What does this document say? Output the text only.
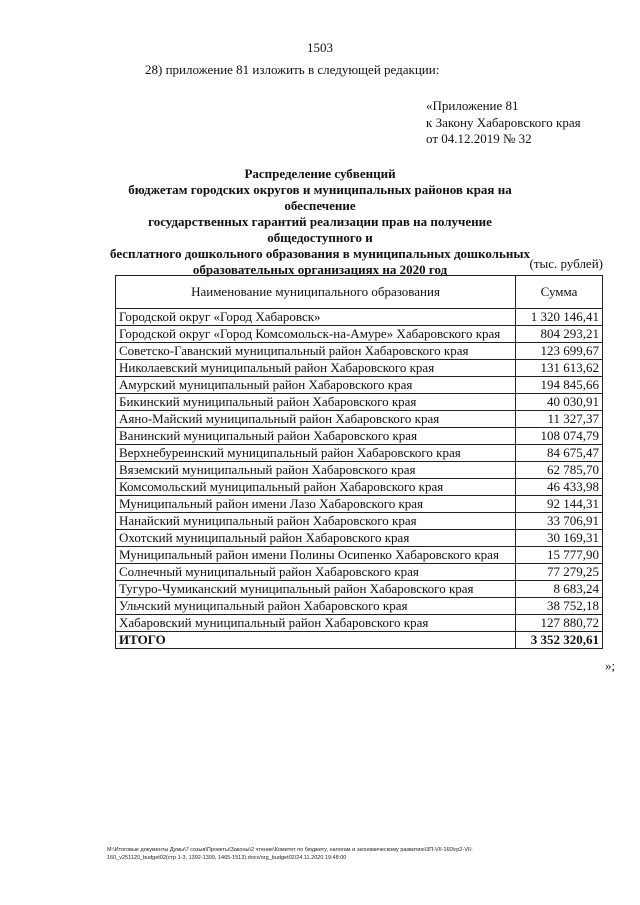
1503
28) приложение 81 изложить в следующей редакции:
«Приложение 81
к Закону Хабаровского края
от 04.12.2019 № 32
Распределение субвенций
бюджетам городских округов и муниципальных районов края на обеспечение
государственных гарантий реализации прав на получение общедоступного и
бесплатного дошкольного образования в муниципальных дошкольных
образовательных организациях на 2020 год	(тыс. рублей)
Наименование муниципального образования	Сумма
Городской округ «Город Хабаровск»	1 320 146,41
Городской округ «Город Комсомольск-на-Амуре» Хабаровского края	804 293,21
Советско-Гаванский муниципальный район Хабаровского края	123 699,67
Николаевский муниципальный район Хабаровского края	131 613,62
Амурский муниципальный район Хабаровского края	194 845,66
Бикинский муниципальный район Хабаровского края	40 030,91
Аяно-Майский муниципальный район Хабаровского края	11 327,37
Ванинский муниципальный район Хабаровского края	108 074,79
Верхнебуреинский муниципальный район Хабаровского края	84 675,47
Вяземский муниципальный район Хабаровского края	62 785,70
Комсомольский муниципальный район Хабаровского края	46 433,98
Муниципальный район имени Лазо Хабаровского края	92 144,31
Нанайский муниципальный район Хабаровского края	33 706,91
Охотский муниципальный район Хабаровского края	30 169,31
Муниципальный район имени Полины Осипенко Хабаровского края	15 777,90
Солнечный муниципальный район Хабаровского края	77 279,25
Тугуро-Чумиканский муниципальный район Хабаровского края	8 683,24
Ульчский муниципальный район Хабаровского края	38 752,18
Хабаровский муниципальный район Хабаровского края	127 880,72
ИТОГО	3 352 320,61
»;
M:\Итоговые документы Думы\7 созыв\Проекты\Законы\2 чтение\Комитет по бюджету, налогам и экономическому развитию\3П-VII-160\гр2-VII-
160_v251120_budget02(стр 1-3, 1392-1399, 1465-1513).docx/org_budget02/24.11.2020 19:48:00
